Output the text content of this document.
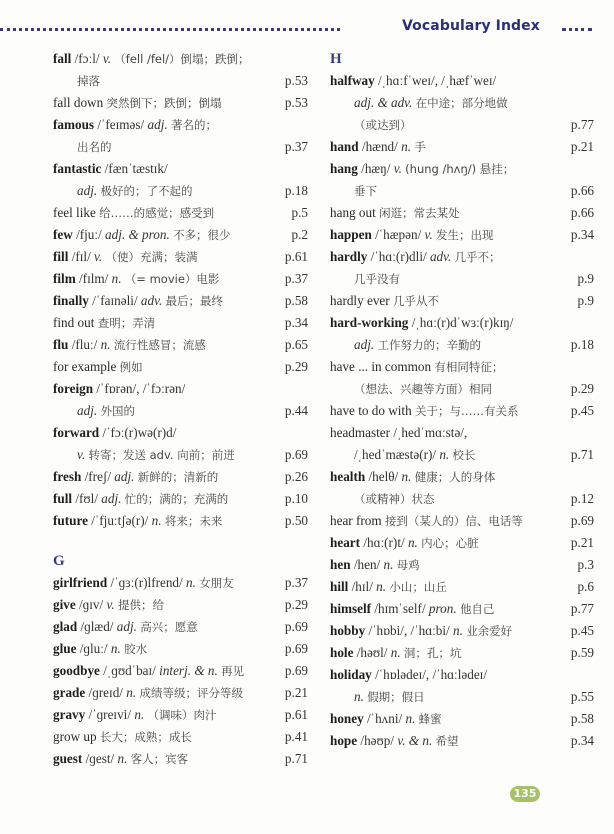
Vocabulary Index
fall /fɔːl/ v. （fell /fel/）倒塌；跌倒；
掉落	p.53
fall down 突然倒下；跌倒；倒塌	p.53
famous /ˈfeɪməs/ adj. 著名的；
出名的	p.37
fantastic /fænˈtæstɪk/
adj. 极好的；了不起的	p.18
feel like 给……的感觉；感受到	p.5
few /fjuː/ adj. & pron. 不多；很少	p.2
fill /fɪl/ v. （使）充满；装满	p.61
film /fɪlm/ n. （= movie）电影	p.37
finally /ˈfaɪnəli/ adv. 最后；最终	p.58
find out 查明；弄清	p.34
flu /fluː/ n. 流行性感冒；流感	p.65
for example 例如	p.29
foreign /ˈfɒrən/, /ˈfɔːrən/
adj. 外国的	p.44
forward /ˈfɔː(r)wə(r)d/
v. 转寄；发送 adv. 向前；前进	p.69
fresh /freʃ/ adj. 新鲜的；清新的	p.26
full /fʊl/ adj. 忙的；满的；充满的	p.10
future /ˈfjuːtʃə(r)/ n. 将来；未来	p.50
G
girlfriend /ˈɡɜː(r)lfrend/ n. 女朋友	p.37
give /ɡɪv/ v. 提供；给	p.29
glad /ɡlæd/ adj. 高兴；愿意	p.69
glue /ɡluː/ n. 胶水	p.69
goodbye /ˌɡʊdˈbaɪ/ interj. & n. 再见	p.69
grade /ɡreɪd/ n. 成绩等级；评分等级	p.21
gravy /ˈɡreɪvi/ n. （调味）肉汁	p.61
grow up 长大；成熟；成长	p.41
guest /ɡest/ n. 客人；宾客	p.71
H
halfway /ˌhɑːfˈweɪ/, /ˌhæfˈweɪ/
adj. & adv. 在中途；部分地做
（或达到）	p.77
hand /hænd/ n. 手	p.21
hang /hæŋ/ v. (hung /hʌŋ/) 悬挂；
垂下	p.66
hang out 闲逛；常去某处	p.66
happen /ˈhæpən/ v. 发生；出现	p.34
hardly /ˈhɑː(r)dli/ adv. 几乎不；
几乎没有	p.9
hardly ever 几乎从不	p.9
hard-working /ˌhɑː(r)dˈwɜː(r)kɪŋ/
adj. 工作努力的；辛勤的	p.18
have ... in common 有相同特征；
（想法、兴趣等方面）相同	p.29
have to do with 关于；与……有关系	p.45
headmaster /ˌhedˈmɑːstə/,
/ˌhedˈmæstə(r)/ n. 校长	p.71
health /helθ/ n. 健康；人的身体
（或精神）状态	p.12
hear from 接到（某人的）信、电话等	p.69
heart /hɑː(r)t/ n. 内心；心脏	p.21
hen /hen/ n. 母鸡	p.3
hill /hɪl/ n. 小山；山丘	p.6
himself /hɪmˈself/ pron. 他自己	p.77
hobby /ˈhɒbi/, /ˈhɑːbi/ n. 业余爱好	p.45
hole /həʊl/ n. 洞；孔；坑	p.59
holiday /ˈhɒlədeɪ/, /ˈhɑːlədeɪ/
n. 假期；假日	p.55
honey /ˈhʌni/ n. 蜂蜜	p.58
hope /həʊp/ v. & n. 希望	p.34
135
